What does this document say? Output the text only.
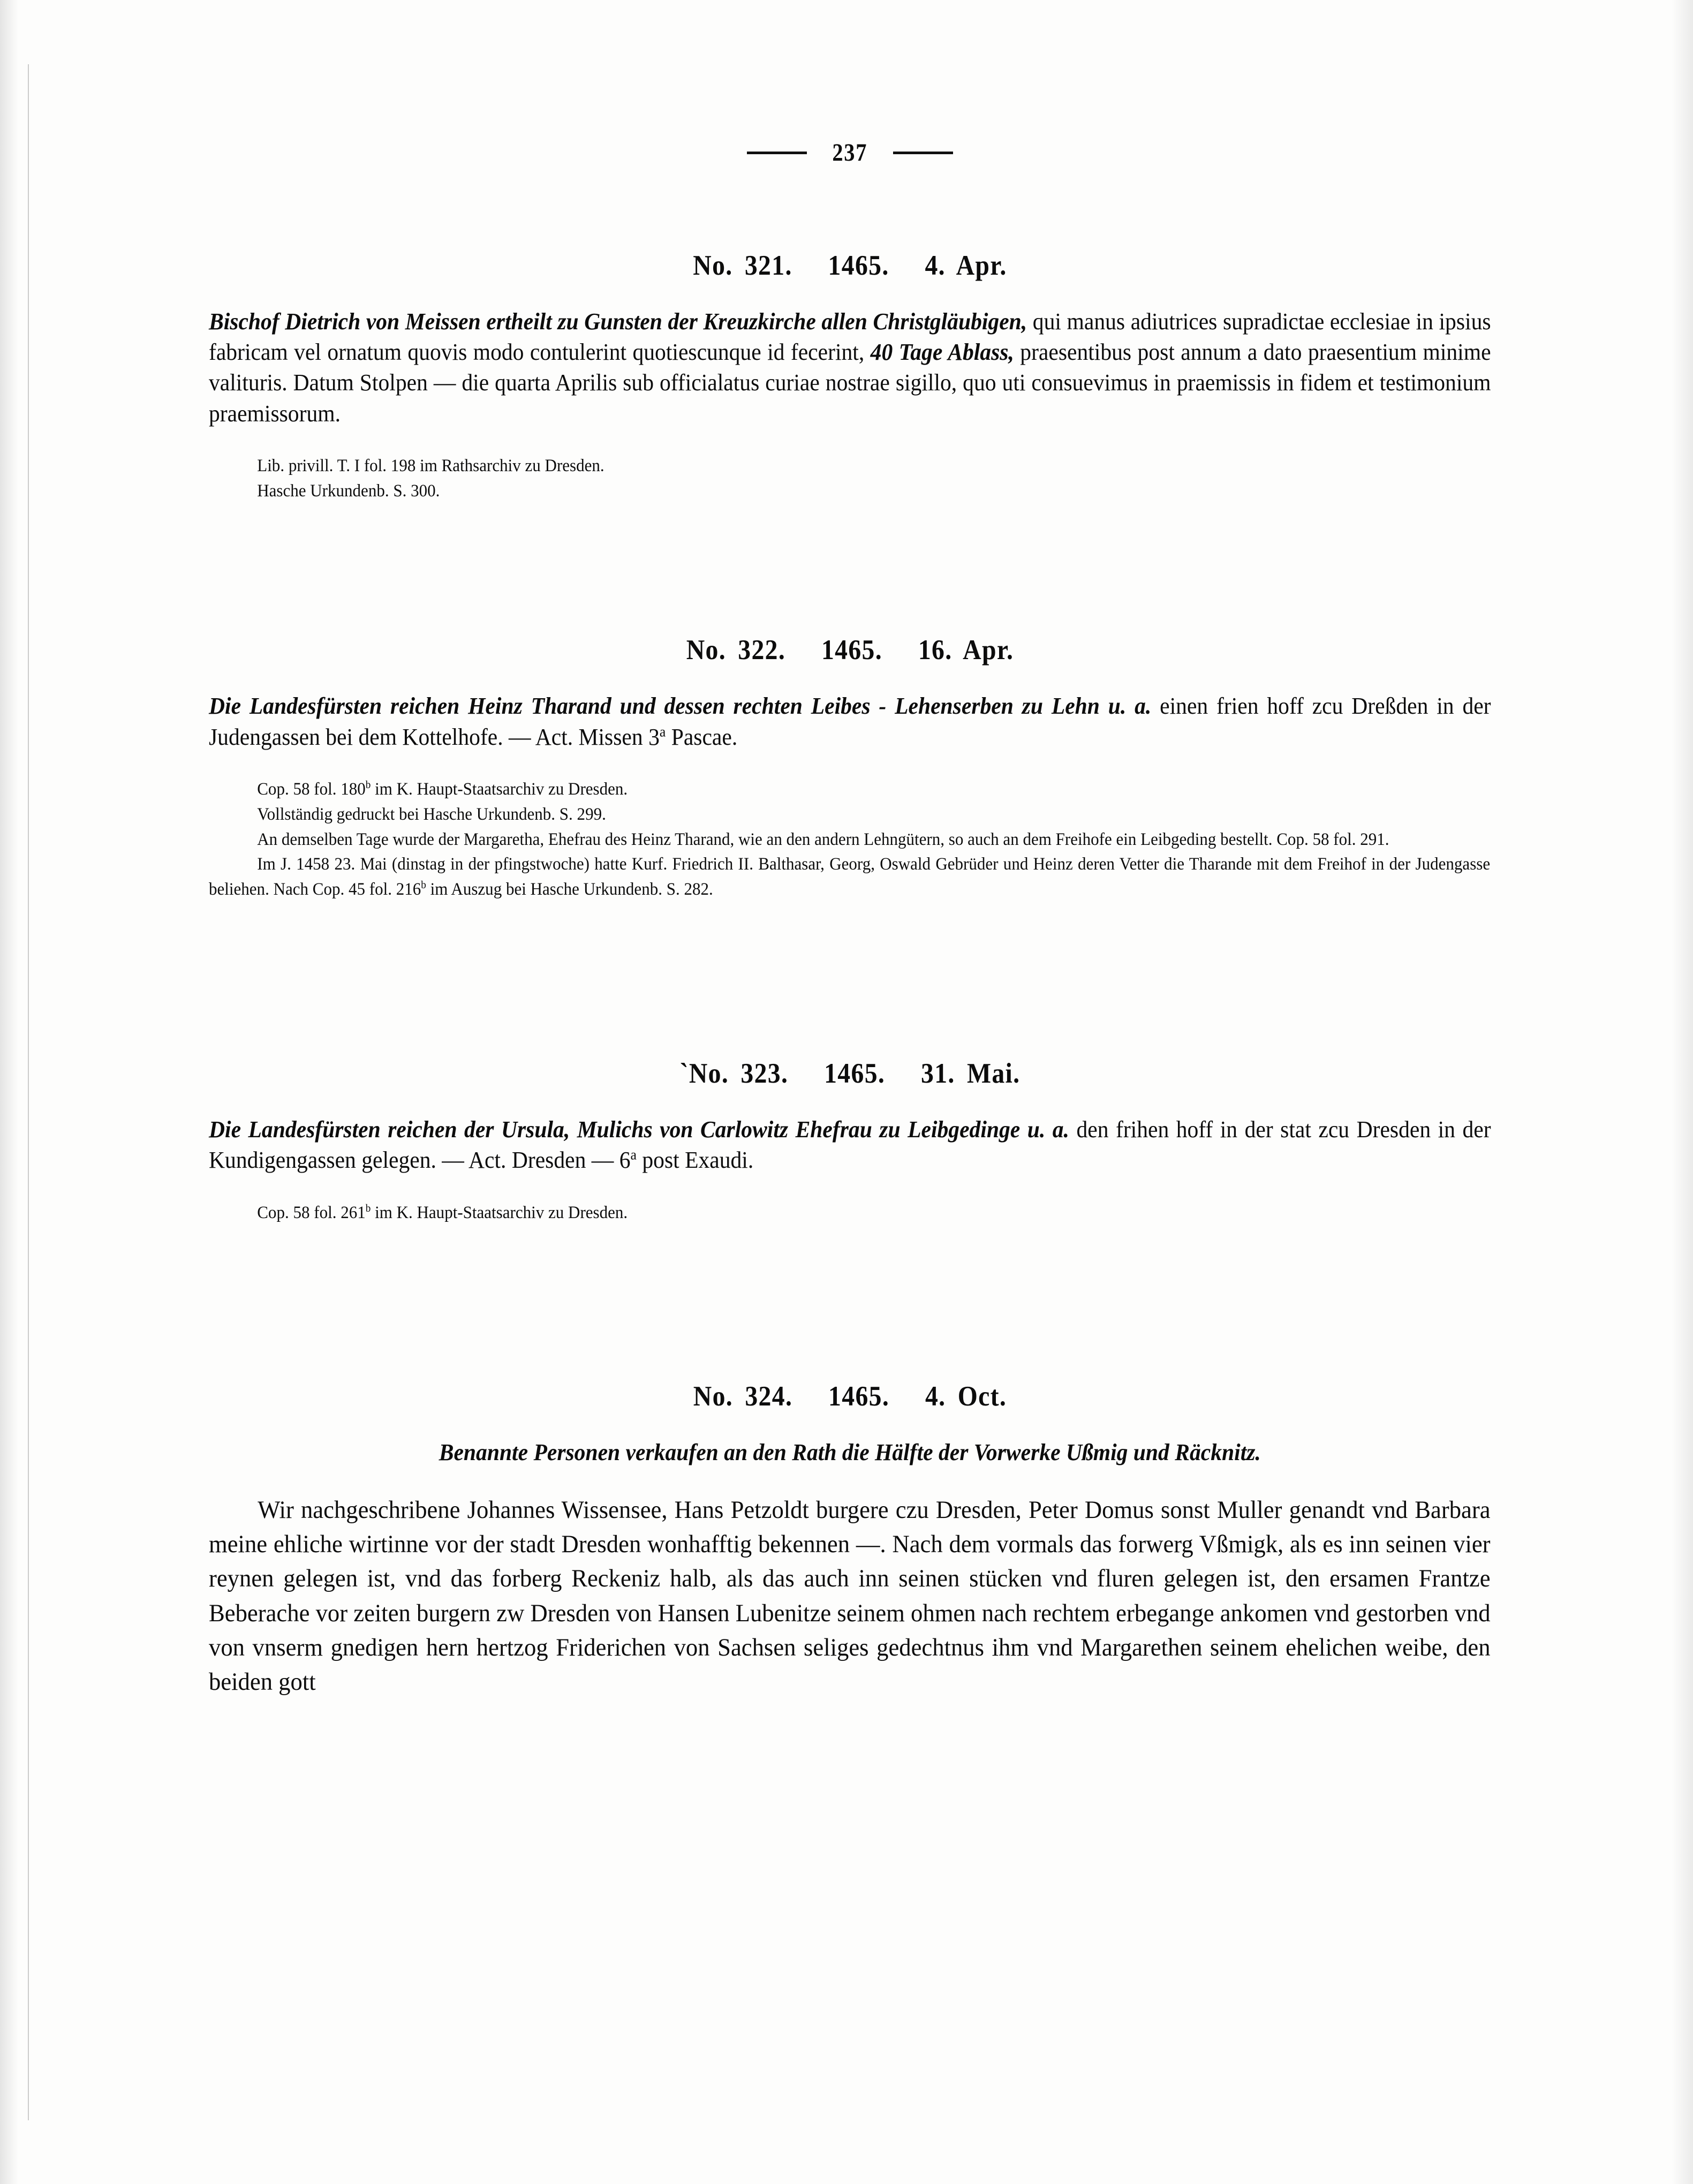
237
No. 321.   1465.   4. Apr.
Bischof Dietrich von Meissen ertheilt zu Gunsten der Kreuzkirche allen Christgläubigen, qui manus adiutrices supradictae ecclesiae in ipsius fabricam vel ornatum quovis modo contulerint quotiescunque id fecerint, 40 Tage Ablass, praesentibus post annum a dato praesentium minime valituris. Datum Stolpen — die quarta Aprilis sub officialatus curiae nostrae sigillo, quo uti consuevimus in praemissis in fidem et testimonium praemissorum.
Lib. privill. T. I fol. 198 im Rathsarchiv zu Dresden.
Hasche Urkundenb. S. 300.
No. 322.   1465.   16. Apr.
Die Landesfürsten reichen Heinz Tharand und dessen rechten Leibes - Lehenserben zu Lehn u. a. einen frien hoff zcu Dreßden in der Judengassen bei dem Kottelhofe. — Act. Missen 3$^a$ Pascae.
Cop. 58 fol. 180$^b$ im K. Haupt-Staatsarchiv zu Dresden.
Vollständig gedruckt bei Hasche Urkundenb. S. 299.

An demselben Tage wurde der Margaretha, Ehefrau des Heinz Tharand, wie an den andern Lehngütern, so auch an dem Freihofe ein Leibgeding bestellt. Cop. 58 fol. 291.

Im J. 1458 23. Mai (dinstag in der pfingstwoche) hatte Kurf. Friedrich II. Balthasar, Georg, Oswald Gebrüder und Heinz deren Vetter die Tharande mit dem Freihof in der Judengasse beliehen. Nach Cop. 45 fol. 216$^b$ im Auszug bei Hasche Urkundenb. S. 282.

`No. 323.   1465.   31. Mai.
Die Landesfürsten reichen der Ursula, Mulichs von Carlowitz Ehefrau zu Leibgedinge u. a. den frihen hoff in der stat zcu Dresden in der Kundigengassen gelegen. — Act. Dresden — 6$^a$ post Exaudi.
Cop. 58 fol. 261$^b$ im K. Haupt-Staatsarchiv zu Dresden.
No. 324.   1465.   4. Oct.
Benannte Personen verkaufen an den Rath die Hälfte der Vorwerke Ußmig und Räcknitz.

Wir nachgeschribene Johannes Wissensee, Hans Petzoldt burgere czu Dresden, Peter Domus sonst Muller genandt vnd Barbara meine ehliche wirtinne vor der stadt Dresden wonhafftig bekennen —. Nach dem vormals das forwerg Vßmigk, als es inn seinen vier reynen gelegen ist, vnd das forberg Reckeniz halb, als das auch inn seinen stücken vnd fluren gelegen ist, den ersamen Frantze Beberache vor zeiten burgern zw Dresden von Hansen Lubenitze seinem ohmen nach rechtem erbegange ankomen vnd gestorben vnd von vnserm gnedigen hern hertzog Friderichen von Sachsen seliges gedechtnus ihm vnd Margarethen seinem ehelichen weibe, den beiden gott
